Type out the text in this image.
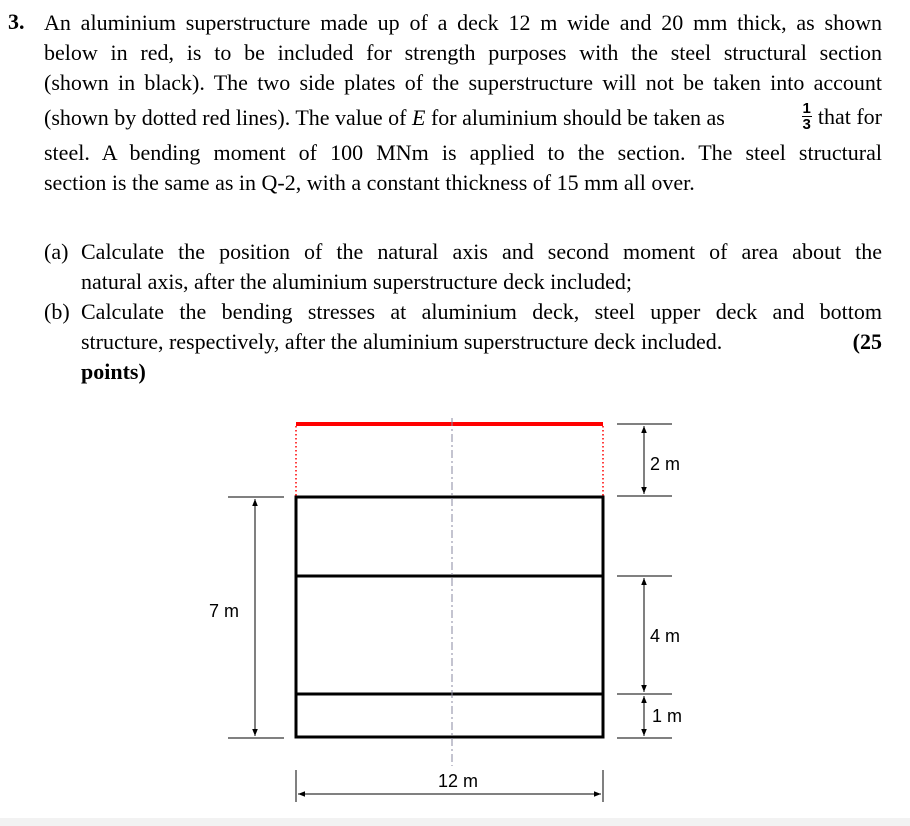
3. An aluminium superstructure made up of a deck 12 m wide and 20 mm thick, as shown
below in red, is to be included for strength purposes with the steel structural section
(shown in black). The two side plates of the superstructure will not be taken into account
(shown by dotted red lines). The value of E for aluminium should be taken as	$\frac{1}{3}$ that for
steel. A bending moment of 100 MNm is applied to the section. The steel structural
section is the same as in Q-2, with a constant thickness of 15 mm all over.
(a) Calculate the position of the natural axis and second moment of area about the
natural axis, after the aluminium superstructure deck included;
(b) Calculate the bending stresses at aluminium deck, steel upper deck and bottom
structure, respectively, after the aluminium superstructure deck included.	(25
points)
7 m
2 m
4 m
1 m
12 m
